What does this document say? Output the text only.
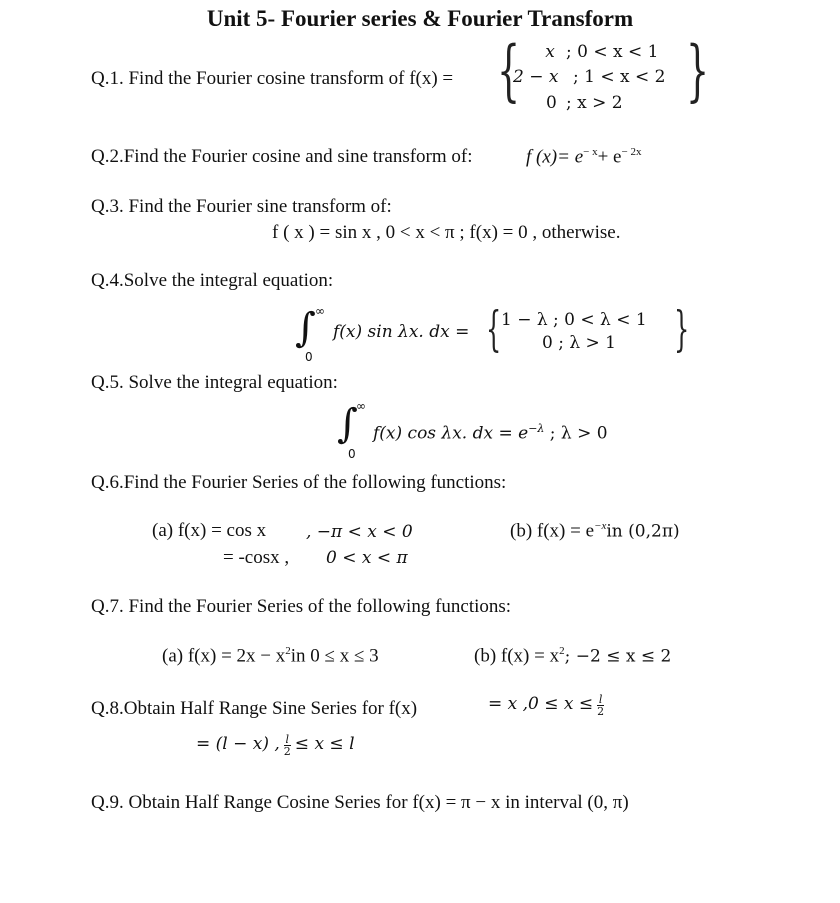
Unit 5- Fourier series & Fourier Transform
Q.1. Find the Fourier cosine transform of f(x) = {	x ; 0 < x < 1
2 − x ; 1 < x < 2
0 ; x > 2 }
Q.2.Find the Fourier cosine and sine transform of:	f $(x)= e^{- x}+ e^{- 2x}$
Q.3. Find the Fourier sine transform of:
f ( x ) = sin x , 0 < x < π ; f(x) = 0 , otherwise.
Q.4.Solve the integral equation:
∫ ∞
0
f(x) sin λx. dx = { 1 − λ ; 0 < λ < 1
0 ; λ > 1 }
Q.5. Solve the integral equation:
∫
∞
0
f(x) cos λx. dx = $e^{-\lambda}$ ; λ > 0
Q.6.Find the Fourier Series of the following functions:
(a) f(x) = cos x , −π < x < 0
= -cosx , 0 < x < π
(b) $f(x) = e^{-x}in$ (0,2π)
Q.7. Find the Fourier Series of the following functions:
(a) $f(x) = 2x - x^2in$ 0 ≤ x ≤ 3	(b) $f(x) = x^2$; −2 ≤ x ≤ 2
Q.8.Obtain Half Range Sine Series for f(x)	= x $,0 \le x \le \frac{l}{2}$
= (l − x) , $\frac{l}{2} \le x \le l$
Q.9. Obtain Half Range Cosine Series for f(x) = π − x in interval (0, π)
